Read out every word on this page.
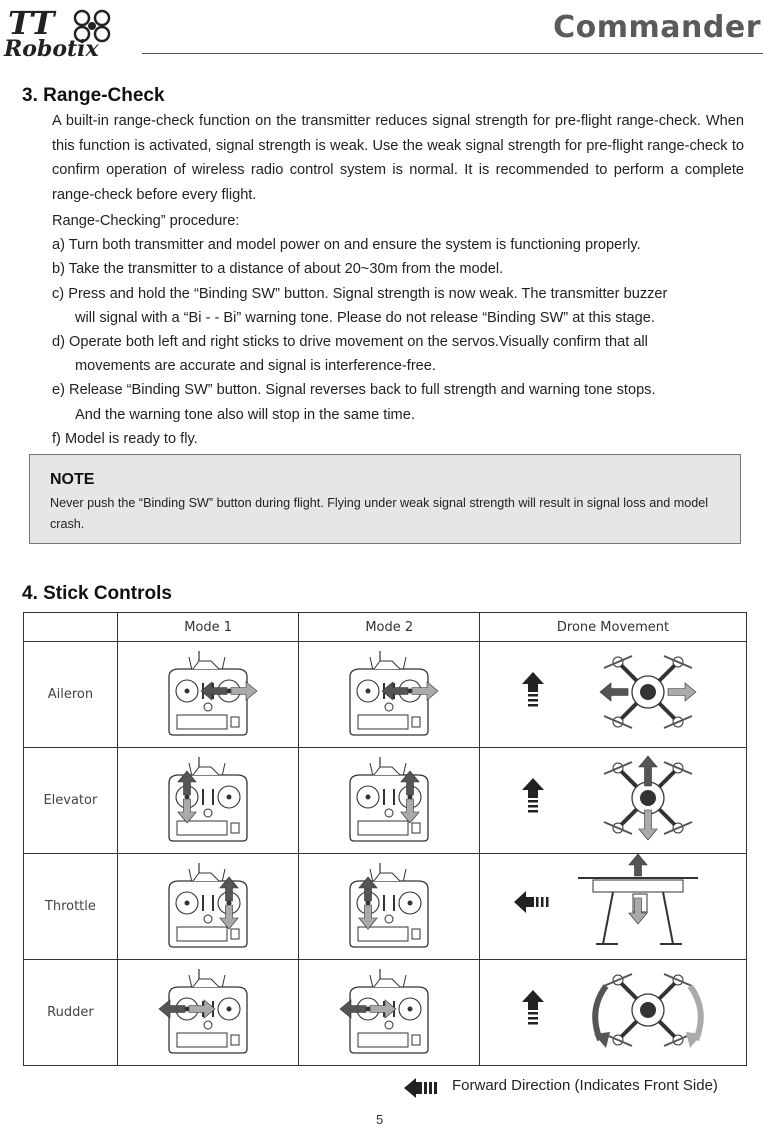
TT
Robotix
Commander
3. Range-Check
A built-in range-check function on the transmitter reduces signal strength for pre-flight range-check. When this function is activated, signal strength is weak. Use the weak signal strength for pre-flight range-check to confirm operation of wireless radio control system is normal. It is recommended to perform a complete range-check before every flight.
Range-Checking” procedure:
a) Turn both transmitter and model power on and ensure the system is functioning properly.
b) Take the transmitter to a distance of about 20~30m from the model.
c) Press and hold the “Binding SW” button. Signal strength is now weak. The transmitter buzzer
will signal with a “Bi - - Bi” warning tone. Please do not release “Binding SW” at this stage.
d) Operate both left and right sticks to drive movement on the servos.Visually confirm that all
movements are accurate and signal is interference-free.
e) Release “Binding SW” button. Signal reverses back to full strength and warning tone stops.
And the warning tone also will stop in the same time.
f) Model is ready to fly.
NOTE
Never push the “Binding SW” button during flight. Flying under weak signal strength will result in signal loss and model crash.
4. Stick Controls
	Mode 1	Mode 2	Drone Movement
Aileron			
Elevator			
Throttle			
Rudder			
Forward Direction (Indicates Front Side)
5
